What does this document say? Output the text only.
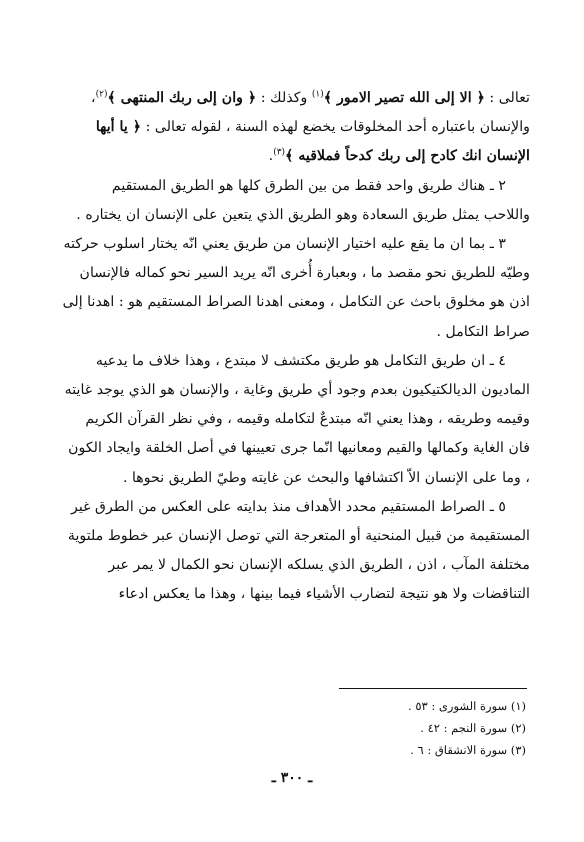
تعالى : ﴿ الا إلى الله تصير الامور ﴾$^{(١)}$ وكذلك : ﴿ وان إلى ربك المنتهى ﴾$^{(٢)}$، والإنسان باعتباره أحد المخلوقات يخضع لهذه السنة ، لقوله تعالى : ﴿ يا أيها الإنسان انك كادح إلى ربك كدحاً فملاقيه ﴾$^{(٣)}$.

٢ ـ هناك طريق واحد فقط من بين الطرق كلها هو الطريق المستقيم واللاحب يمثل طريق السعادة وهو الطريق الذي يتعين على الإنسان ان يختاره .

٣ ـ بما ان ما يقع عليه اختيار الإنسان من طريق يعني انّه يختار اسلوب حركته وطيّه للطريق نحو مقصد ما ، وبعبارة أُخرى انّه يريد السير نحو كماله فالإنسان اذن هو مخلوق باحث عن التكامل ، ومعنى اهدنا الصراط المستقيم هو : اهدنا إلى صراط التكامل .

٤ ـ ان طريق التكامل هو طريق مكتشف لا مبتدع ، وهذا خلاف ما يدعيه الماديون الديالكتيكيون بعدم وجود أي طريق وغاية ، والإنسان هو الذي يوجد غايته وقيمه وطريقه ، وهذا يعني انّه مبتدعٌ لتكامله وقيمه ، وفي نظر القرآن الكريم فان الغاية وكمالها والقيم ومعانيها انّما جرى تعيينها في أصل الخلقة وايجاد الكون ، وما على الإنسان الاّ اكتشافها والبحث عن غايته وطيّ الطريق نحوها .

٥ ـ الصراط المستقيم محدد الأهداف منذ بدايته على العكس من الطرق غير المستقيمة من قبيل المنحنية أو المتعرجة التي توصل الإنسان عبر خطوط ملتوية مختلفة المآب ، اذن ، الطريق الذي يسلكه الإنسان نحو الكمال لا يمر عبر التناقضات ولا هو نتيجة لتضارب الأشياء فيما بينها ، وهذا ما يعكس ادعاء

(١) سورة الشورى : ٥٣ .

(٢) سورة النجم : ٤٢ .

(٣) سورة الانشقاق : ٦ .

ـ ٣٠٠ ـ
